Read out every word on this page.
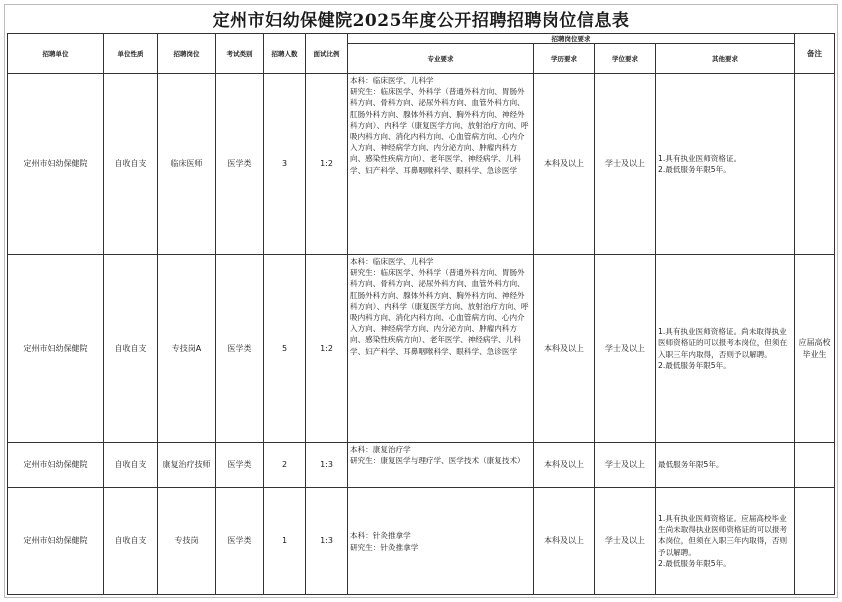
定州市妇幼保健院2025年度公开招聘招聘岗位信息表
招聘单位	单位性质	招聘岗位	考试类别	招聘人数	面试比例	招聘岗位要求				备注
						专业要求	学历要求	学位要求	其他要求	
定州市妇幼保健院	自收自支	临床医师	医学类	3	1:2	本科：临床医学、儿科学
研究生：临床医学、外科学（普通外科方向、胃肠外科方向、骨科方向、泌尿外科方向、血管外科方向、肛肠外科方向、腺体外科方向、胸外科方向、神经外科方向）、内科学（康复医学方向、放射治疗方向、呼吸内科方向、消化内科方向、心血管病方向、心内介入方向、神经病学方向、内分泌方向、肿瘤内科方向、感染性疾病方向）、老年医学、神经病学、儿科学、妇产科学、耳鼻咽喉科学、眼科学、急诊医学	本科及以上	学士及以上	1.具有执业医师资格证。
2.最低服务年限5年。	

定州市妇幼保健院	自收自支	专技岗A	医学类	5	1:2	本科：临床医学、儿科学
研究生：临床医学、外科学（普通外科方向、胃肠外科方向、骨科方向、泌尿外科方向、血管外科方向、肛肠外科方向、腺体外科方向、胸外科方向、神经外科方向）、内科学（康复医学方向、放射治疗方向、呼吸内科方向、消化内科方向、心血管病方向、心内介入方向、神经病学方向、内分泌方向、肿瘤内科方向、感染性疾病方向）、老年医学、神经病学、儿科学、妇产科学、耳鼻咽喉科学、眼科学、急诊医学	本科及以上	学士及以上	1.具有执业医师资格证。尚未取得执业医师资格证的可以报考本岗位，但须在入职三年内取得，否则予以解聘。
2.最低服务年限5年。	应届高校毕业生
定州市妇幼保健院	自收自支	康复治疗技师	医学类	2	1:3	本科：康复治疗学
研究生：康复医学与理疗学、医学技术（康复技术）	本科及以上	学士及以上	最低服务年限5年。	

定州市妇幼保健院	自收自支	专技岗	医学类	1	1:3	本科：针灸推拿学
研究生：针灸推拿学	本科及以上	学士及以上	1.具有执业医师资格证。应届高校毕业生尚未取得执业医师资格证的可以报考本岗位，但须在入职三年内取得，否则予以解聘。
2.最低服务年限5年。	
